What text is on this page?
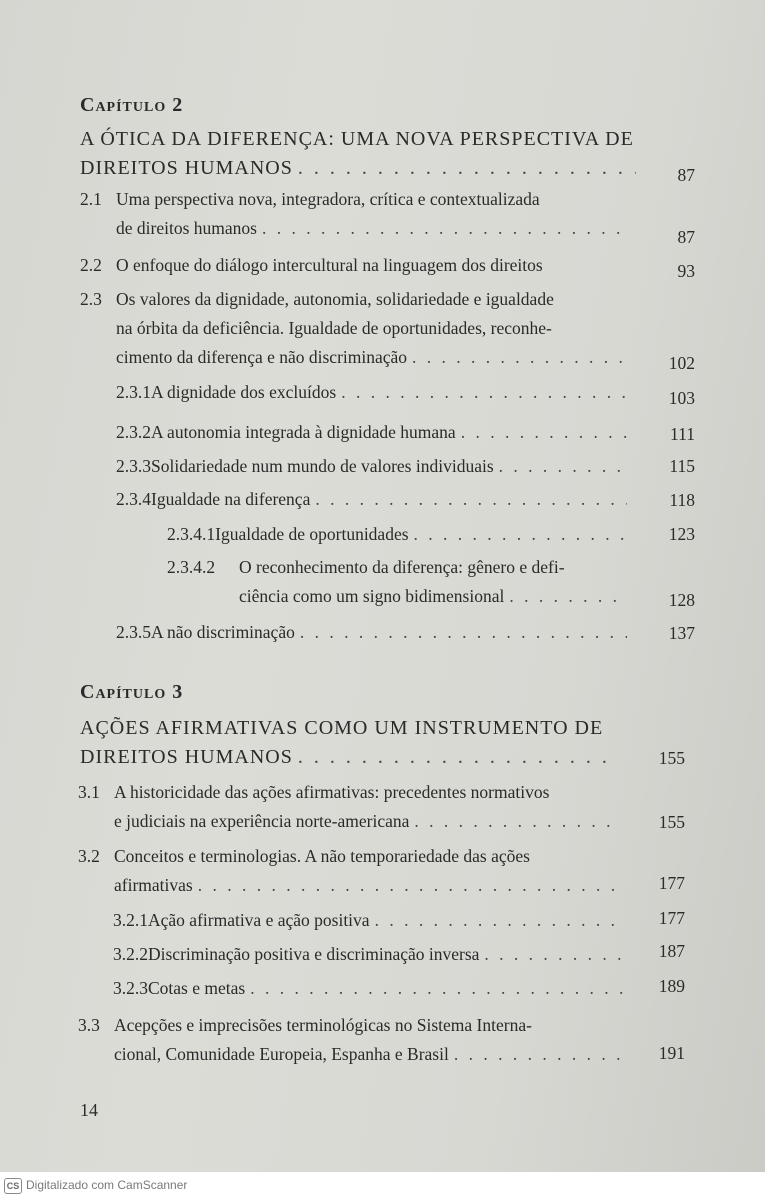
Capítulo 2
A ÓTICA DA DIFERENÇA: UMA NOVA PERSPECTIVA DE
DIREITOS HUMANOS . . .	87
2.1 Uma perspectiva nova, integradora, crítica e contextualizada
de direitos humanos . . .	87
2.2 O enfoque do diálogo intercultural na linguagem dos direitos	93
2.3 Os valores da dignidade, autonomia, solidariedade e igualdade
na órbita da deficiência. Igualdade de oportunidades, reconhe-
cimento da diferença e não discriminação . . .	102
2.3.1 A dignidade dos excluídos . . .	103
2.3.2 A autonomia integrada à dignidade humana . . .	111
2.3.3 Solidariedade num mundo de valores individuais . . .	115
2.3.4 Igualdade na diferença . . .	118
2.3.4.1 Igualdade de oportunidades . . .	123
2.3.4.2 O reconhecimento da diferença: gênero e defi-
ciência como um signo bidimensional . . .	128
2.3.5 A não discriminação . . .	137
Capítulo 3
AÇÕES AFIRMATIVAS COMO UM INSTRUMENTO DE
DIREITOS HUMANOS . . .	155
3.1 A historicidade das ações afirmativas: precedentes normativos
e judiciais na experiência norte-americana . . .	155
3.2 Conceitos e terminologias. A não temporariedade das ações
afirmativas . . .	177
3.2.1 Ação afirmativa e ação positiva . . .	177
3.2.2 Discriminação positiva e discriminação inversa . . .	187
3.2.3 Cotas e metas . . .	189
3.3 Acepções e imprecisões terminológicas no Sistema Interna-
cional, Comunidade Europeia, Espanha e Brasil . . .	191
14
CS Digitalizado com CamScanner
